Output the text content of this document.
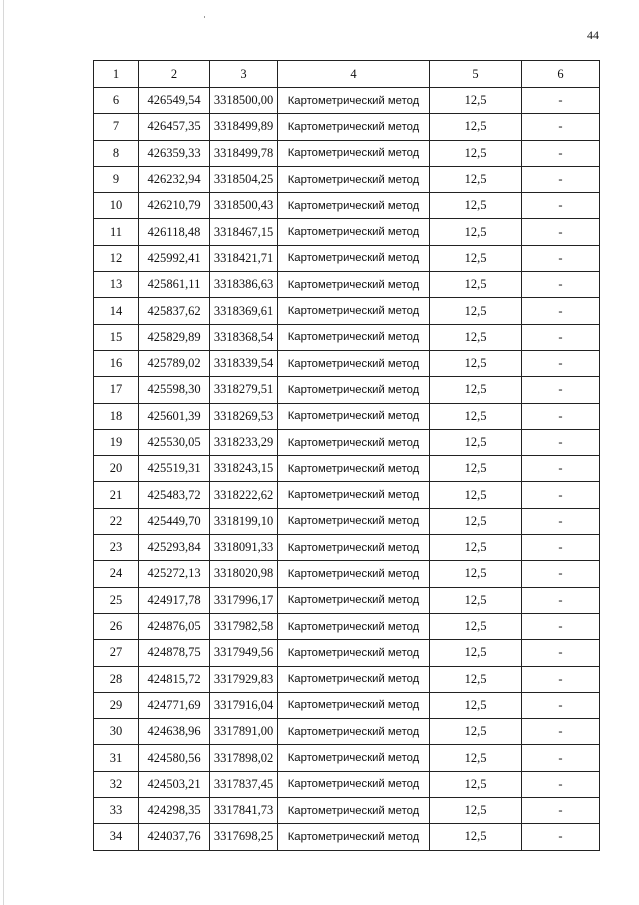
44
1	2	3	4	5	6
6	426549,54	3318500,00	Картометрический метод	12,5	-
7	426457,35	3318499,89	Картометрический метод	12,5	-
8	426359,33	3318499,78	Картометрический метод	12,5	-
9	426232,94	3318504,25	Картометрический метод	12,5	-
10	426210,79	3318500,43	Картометрический метод	12,5	-
11	426118,48	3318467,15	Картометрический метод	12,5	-
12	425992,41	3318421,71	Картометрический метод	12,5	-
13	425861,11	3318386,63	Картометрический метод	12,5	-
14	425837,62	3318369,61	Картометрический метод	12,5	-
15	425829,89	3318368,54	Картометрический метод	12,5	-
16	425789,02	3318339,54	Картометрический метод	12,5	-
17	425598,30	3318279,51	Картометрический метод	12,5	-
18	425601,39	3318269,53	Картометрический метод	12,5	-
19	425530,05	3318233,29	Картометрический метод	12,5	-
20	425519,31	3318243,15	Картометрический метод	12,5	-
21	425483,72	3318222,62	Картометрический метод	12,5	-
22	425449,70	3318199,10	Картометрический метод	12,5	-
23	425293,84	3318091,33	Картометрический метод	12,5	-
24	425272,13	3318020,98	Картометрический метод	12,5	-
25	424917,78	3317996,17	Картометрический метод	12,5	-
26	424876,05	3317982,58	Картометрический метод	12,5	-
27	424878,75	3317949,56	Картометрический метод	12,5	-
28	424815,72	3317929,83	Картометрический метод	12,5	-
29	424771,69	3317916,04	Картометрический метод	12,5	-
30	424638,96	3317891,00	Картометрический метод	12,5	-
31	424580,56	3317898,02	Картометрический метод	12,5	-
32	424503,21	3317837,45	Картометрический метод	12,5	-
33	424298,35	3317841,73	Картометрический метод	12,5	-
34	424037,76	3317698,25	Картометрический метод	12,5	-
